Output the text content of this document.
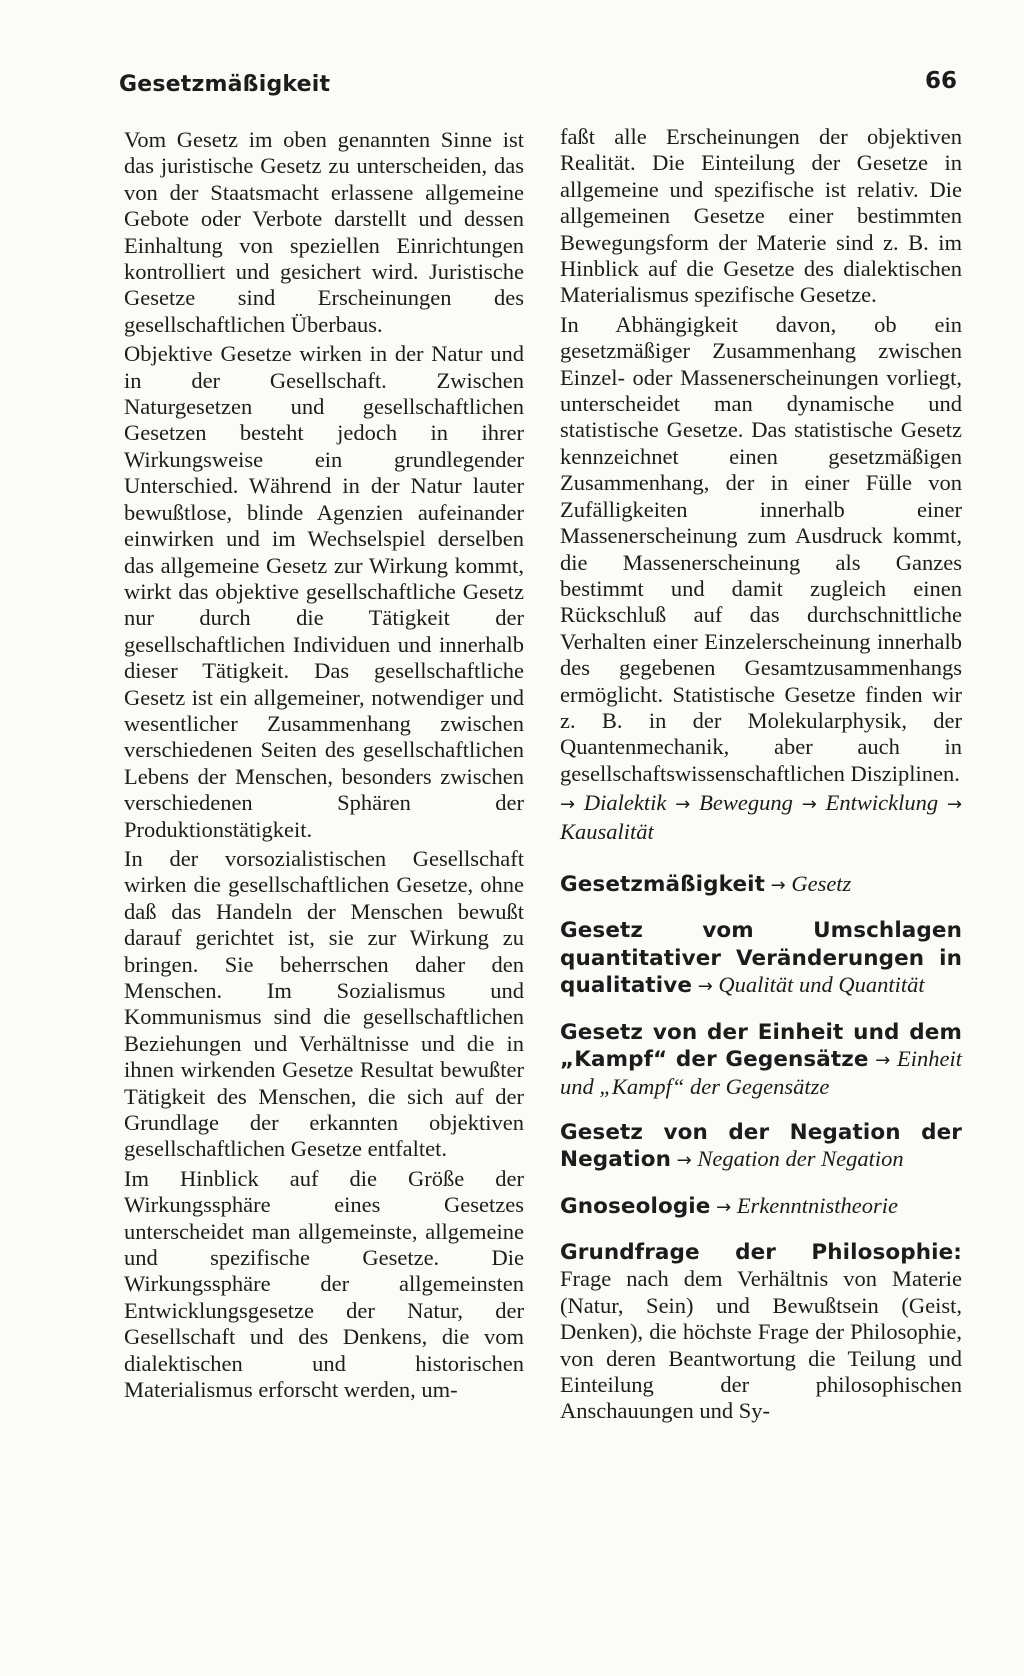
Gesetzmäßigkeit	66

Vom Gesetz im oben genannten Sinne ist das juristische Gesetz zu unterscheiden, das von der Staatsmacht erlassene allgemeine Gebote oder Verbote darstellt und dessen Einhaltung von speziellen Einrichtungen kontrolliert und gesichert wird. Juristische Gesetze sind Erscheinungen des gesellschaftlichen Überbaus.

Objektive Gesetze wirken in der Natur und in der Gesellschaft. Zwischen Naturgesetzen und gesellschaftlichen Gesetzen besteht jedoch in ihrer Wirkungsweise ein grundlegender Unterschied. Während in der Natur lauter bewußtlose, blinde Agenzien aufeinander einwirken und im Wechselspiel derselben das allgemeine Gesetz zur Wirkung kommt, wirkt das objektive gesellschaftliche Gesetz nur durch die Tätigkeit der gesellschaftlichen Individuen und innerhalb dieser Tätigkeit. Das gesellschaftliche Gesetz ist ein allgemeiner, notwendiger und wesentlicher Zusammenhang zwischen verschiedenen Seiten des gesellschaftlichen Lebens der Menschen, besonders zwischen verschiedenen Sphären der Produktionstätigkeit.

In der vorsozialistischen Gesellschaft wirken die gesellschaftlichen Gesetze, ohne daß das Handeln der Menschen bewußt darauf gerichtet ist, sie zur Wirkung zu bringen. Sie beherrschen daher den Menschen. Im Sozialismus und Kommunismus sind die gesellschaftlichen Beziehungen und Verhältnisse und die in ihnen wirkenden Gesetze Resultat bewußter Tätigkeit des Menschen, die sich auf der Grundlage der erkannten objektiven gesellschaftlichen Gesetze entfaltet.

Im Hinblick auf die Größe der Wirkungssphäre eines Gesetzes unterscheidet man allgemeinste, allgemeine und spezifische Gesetze. Die Wirkungssphäre der allgemeinsten Entwicklungsgesetze der Natur, der Gesellschaft und des Denkens, die vom dialektischen und historischen Materialismus erforscht werden, um-

faßt alle Erscheinungen der objektiven Realität. Die Einteilung der Gesetze in allgemeine und spezifische ist relativ. Die allgemeinen Gesetze einer bestimmten Bewegungsform der Materie sind z. B. im Hinblick auf die Gesetze des dialektischen Materialismus spezifische Gesetze.

In Abhängigkeit davon, ob ein gesetzmäßiger Zusammenhang zwischen Einzel- oder Massenerscheinungen vorliegt, unterscheidet man dynamische und statistische Gesetze. Das statistische Gesetz kennzeichnet einen gesetzmäßigen Zusammenhang, der in einer Fülle von Zufälligkeiten innerhalb einer Massenerscheinung zum Ausdruck kommt, die Massenerscheinung als Ganzes bestimmt und damit zugleich einen Rückschluß auf das durchschnittliche Verhalten einer Einzelerscheinung innerhalb des gegebenen Gesamtzusammenhangs ermöglicht. Statistische Gesetze finden wir z. B. in der Molekularphysik, der Quantenmechanik, aber auch in gesellschaftswissenschaftlichen Disziplinen.

→ Dialektik → Bewegung → Entwicklung → Kausalität

Gesetzmäßigkeit → Gesetz

Gesetz vom Umschlagen quantitativer Veränderungen in qualitative → Qualität und Quantität

Gesetz von der Einheit und dem „Kampf“ der Gegensätze → Einheit und „Kampf“ der Gegensätze

Gesetz von der Negation der Negation → Negation der Negation

Gnoseologie → Erkenntnistheorie

Grundfrage der Philosophie: Frage nach dem Verhältnis von Materie (Natur, Sein) und Bewußtsein (Geist, Denken), die höchste Frage der Philosophie, von deren Beantwortung die Teilung und Einteilung der philosophischen Anschauungen und Sy-
